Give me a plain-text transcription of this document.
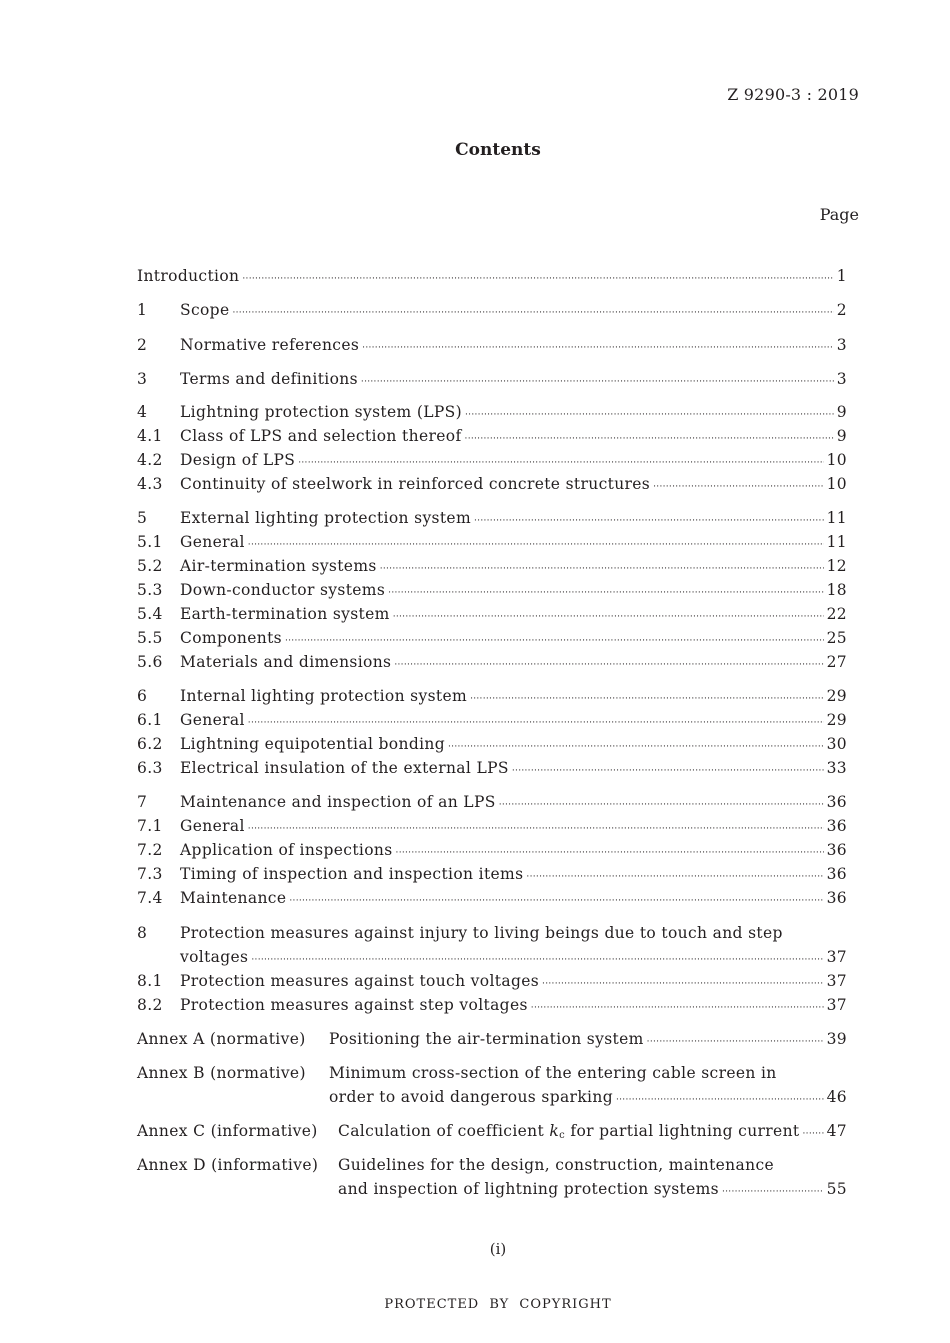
Z 9290-3 : 2019
Contents
Page
Introduction ·····	1
1	Scope ·····	2
2	Normative references ·····	3
3	Terms and definitions ·····	3
4	Lightning protection system (LPS) ·····	9
4.1	Class of LPS and selection thereof ·····	9
4.2	Design of LPS ·····	10
4.3	Continuity of steelwork in reinforced concrete structures ·····	10
5	External lighting protection system ·····	11
5.1	General ·····	11
5.2	Air-termination systems ·····	12
5.3	Down-conductor systems ·····	18
5.4	Earth-termination system ·····	22
5.5	Components ·····	25
5.6	Materials and dimensions ·····	27
6	Internal lighting protection system ·····	29
6.1	General ·····	29
6.2	Lightning equipotential bonding ·····	30
6.3	Electrical insulation of the external LPS ·····	33
7	Maintenance and inspection of an LPS ·····	36
7.1	General ·····	36
7.2	Application of inspections ·····	36
7.3	Timing of inspection and inspection items ·····	36
7.4	Maintenance ·····	36
8	Protection measures against injury to living beings due to touch and step
voltages ·····	37
8.1	Protection measures against touch voltages ·····	37
8.2	Protection measures against step voltages ·····	37
Annex A (normative) Positioning the air-termination system ·····	39
Annex B (normative) Minimum cross-section of the entering cable screen in
order to avoid dangerous sparking ·····	46
Annex C (informative) Calculation of coefficient $k_c$ for partial lightning current ····· 47
Annex D (informative) Guidelines for the design, construction, maintenance
and inspection of lightning protection systems ·····	55
(i)
PROTECTED BY COPYRIGHT
